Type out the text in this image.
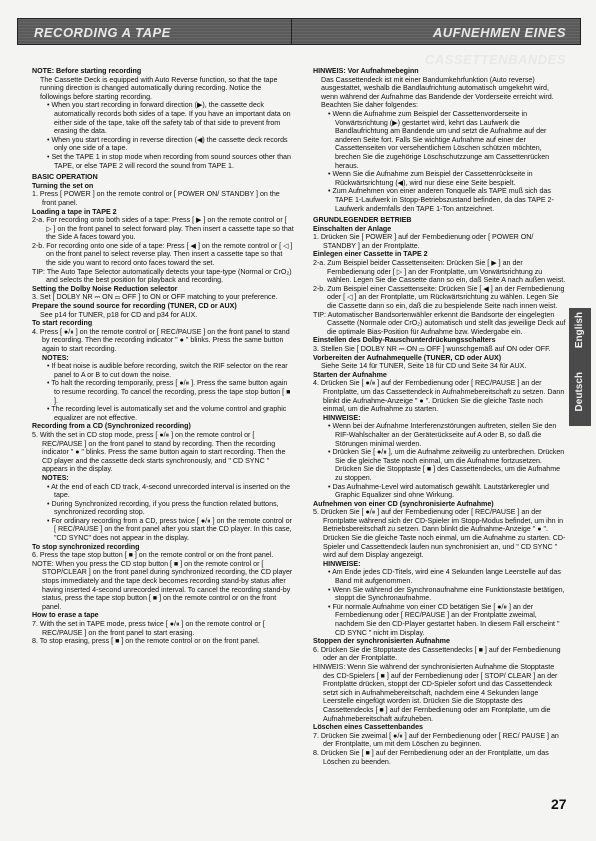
RECORDING A TAPE	AUFNEHMEN EINES CASSETTENBANDES

NOTE: Before starting recording

The Cassette Deck is equipped with Auto Reverse function, so that the tape running direction is changed automatically during recording. Notice the followings before starting recording.

• When you start recording in forward direction (▶), the cassette deck automatically records both sides of a tape. If you have an important data on either side of the tape, take off the safety tab of that side to prevent from erasing the data.

• When you start recording in reverse direction (◀) the cassette deck records only one side of a tape.

• Set the TAPE 1 in stop mode when recording from sound sources other than TAPE, or else TAPE 2 will record the sound from TAPE 1.

BASIC OPERATION

Turning the set on

1. Press [ POWER ] on the remote control or [ POWER ON/ STANDBY ] on the front panel.

Loading a tape in TAPE 2

2-a. For recording onto both sides of a tape: Press [ ▶ ] on the remote control or [ ▷ ] on the front panel to select forward play. Then insert a cassette tape so that the Side A faces toward you.

2-b. For recording onto one side of a tape: Press [ ◀ ] on the remote control or [ ◁ ] on the front panel to select reverse play. Then insert a cassette tape so that the side you want to record onto faces toward the set.

TIP: The Auto Tape Selector automatically detects your tape-type (Normal or CrO₂) and selects the best position for playback and recording.

Setting the Dolby Noise Reduction selector

3. Set [ DOLBY NR ⎓ ON ▭ OFF ] to ON or OFF matching to your preference.

Prepare the sound source for recording (TUNER, CD or AUX)

See p14 for TUNER, p18 for CD and p34 for AUX.

To start recording

4. Press [ ●/⏸ ] on the remote control or [ REC/PAUSE ] on the front panel to stand by recording. Then the recording indicator " ● " blinks. Press the same button again to start recording.

NOTES:

• If beat noise is audible before recording, switch the RIF selector on the rear panel to A or B to cut down the noise.

• To halt the recording temporarily, press [ ●/⏸ ]. Press the same button again to resume recording. To cancel the recording, press the tape stop button [ ■ ].

• The recording level is automatically set and the volume control and graphic equalizer are not effective.

Recording from a CD (Synchronized recording)

5. With the set in CD stop mode, press [ ●/⏸ ] on the remote control or [ REC/PAUSE ] on the front panel to stand by recording. Then the recording indicator " ● " blinks. Press the same button again to start recording. Then the CD player and the cassette deck starts synchronously, and " CD SYNC " appears in the display.

NOTES:

• At the end of each CD track, 4-second unrecorded interval is inserted on the tape.

• During Synchronized recording, if you press the function related buttons, synchronized recording stop.

• For ordinary recording from a CD, press twice [ ●/⏸ ] on the remote control or [ REC/PAUSE ] on the front panel after you start the CD player. In this case, "CD SYNC" does not appear in the display.

To stop synchronized recording

6. Press the tape stop button [ ■ ] on the remote control or on the front panel.

NOTE: When you press the CD stop button [ ■ ] on the remote control or [ STOP/CLEAR ] on the front panel during synchronized recording, the CD player stops immediately and the tape deck becomes recording stand-by status after having inserted 4-second unrecorded interval. To cancel the recording stand-by status, press the tape stop button [ ■ ] on the remote control or on the front panel.

How to erase a tape

7. With the set in TAPE mode, press twice [ ●/⏸ ] on the remote control or [ REC/PAUSE ] on the front panel to start erasing.

8. To stop erasing, press [ ■ ] on the remote control or on the front panel.

HINWEIS: Vor Aufnahmebeginn

Das Cassettendeck ist mit einer Bandumkehrfunktion (Auto reverse) ausgestattet, weshalb die Bandlaufrichtung automatisch umgekehrt wird, wenn während der Aufnahme das Bandende der Vorderseite erreicht wird. Beachten Sie daher folgendes:

• Wenn die Aufnahme zum Beispiel der Cassettenvorderseite in Vorwärtsrichtung (▶) gestartet wird, kehrt das Laufwerk die Bandlaufrichtung am Bandende um und setzt die Aufnahme auf der anderen Seite fort. Falls Sie wichtige Aufnahme auf einer der Cassettenseiten vor versehentlichem Löschen schützen möchten, brechen Sie die zugehörige Löschschutzzunge am Cassettenrücken heraus.

• Wenn Sie die Aufnahme zum Beispiel der Cassettenrückseite in Rückwärtsrichtung (◀), wird nur diese eine Seite bespielt.

• Zum Aufnehmen von einer anderen Tonquelle als TAPE muß sich das TAPE 1-Laufwerk in Stopp-Betriebszustand befinden, da das TAPE 2-Laufwerk andernfalls den TAPE 1-Ton antzeichnet.

GRUNDLEGENDER BETRIEB

Einschalten der Anlage

1. Drücken Sie [ POWER ] auf der Fernbedienung oder [ POWER ON/ STANDBY ] an der Frontplatte.

Einlegen einer Cassette in TAPE 2

2-a. Zum Beispiel beider Cassettenseiten: Drücken Sie [ ▶ ] an der Fernbedienung oder [ ▷ ] an der Frontplatte, um Vorwärtsrichtung zu wählen. Legen Sie die Cassette dann so ein, daß Seite A nach außen weist.

2-b. Zum Beispiel einer Cassettenseite: Drücken Sie [ ◀ ] an der Fernbedienung oder [ ◁ ] an der Frontplatte, um Rückwärtsrichtung zu wählen. Legen Sie die Cassette dann so ein, daß die zu bespielende Seite nach innen weist.

TIP: Automatischer Bandsortenwähler erkennt die Bandsorte der eingelegten Cassette (Normale oder CrO₂) automatisch und stellt das jeweilige Deck auf die optimale Bias-Position für Aufnahme bzw. Wiedergabe ein.

Einstellen des Dolby-Rauschunterdrückungsschalters

3. Stellen Sie [ DOLBY NR ⎓ ON ▭ OFF ] wunschgemäß auf ON oder OFF.

Vorbereiten der Aufnahmequelle (TUNER, CD oder AUX)

Siehe Seite 14 für TUNER, Seite 18 für CD und Seite 34 für AUX.

Starten der Aufnahme

4. Drücken Sie [ ●/⏸ ] auf der Fernbedienung oder [ REC/PAUSE ] an der Frontplatte, um das Cassettendeck in Aufnahmebereitschaft zu setzen. Dann blinkt die Aufnahme-Anzeige " ● ". Drücken Sie die gleiche Taste noch einmal, um die Aufnahme zu starten.

HINWEISE:

• Wenn bei der Aufnahme Interferenzstörungen auftreten, stellen Sie den RIF-Wahlschalter an der Geräterückseite auf A oder B, so daß die Störungen minimal werden.

• Drücken Sie [ ●/⏸ ], um die Aufnahme zeitweilig zu unterbrechen. Drücken Sie die gleiche Taste noch einmal, um die Aufnahme fortzusetzen. Drücken Sie die Stopptaste [ ■ ] des Cassettendecks, um die Aufnahme zu stoppen.

• Das Aufnahme-Level wird automatisch gewählt. Lautstärkeregler und Graphic Equalizer sind ohne Wirkung.

Aufnehmen von einer CD (synchronisierte Aufnahme)

5. Drücken Sie [ ●/⏸ ] auf der Fernbedienung oder [ REC/PAUSE ] an der Frontplatte während sich der CD-Spieler im Stopp-Modus befindet, um ihn in Betriebsbereitschaft zu setzen. Dann blinkt die Aufnahme-Anzeige " ● ". Drücken Sie die gleiche Taste noch einmal, um die Aufnahme zu starten. CD-Spieler und Cassettendeck laufen nun synchronisiert an, und " CD SYNC " wird auf dem Display angezeigt.

HINWEISE:

• Am Ende jedes CD-Titels, wird eine 4 Sekunden lange Leerstelle auf das Band mit aufgenommen.

• Wenn Sie während der Synchronaufnahme eine Funktionstaste betätigen, stoppt die Synchronaufnahme.

• Für normale Aufnahme von einer CD betätigen Sie [ ●/⏸ ] an der Fernbedienung oder [ REC/PAUSE ] an der Frontplatte zweimal, nachdem Sie den CD-Player gestartet haben. In diesem Fall erscheint " CD SYNC " nicht im Display.

Stoppen der synchronisierten Aufnahme

6. Drücken Sie die Stopptaste des Cassettendecks [ ■ ] auf der Fernbedienung oder an der Frontplatte.

HINWEIS: Wenn Sie während der synchronisierten Aufnahme die Stopptaste des CD-Spielers [ ■ ] auf der Fernbedienung oder [ STOP/ CLEAR ] an der Frontplatte drücken, stoppt der CD-Spieler sofort und das Cassettendeck setzt sich in Aufnahmebereitschaft, nachdem eine 4 Sekunden lange Leerstelle eingefügt worden ist. Drücken Sie die Stopptaste des Cassettendecks [ ■ ] auf der Fernbedienung oder am Frontplatte, um die Aufnahmebereitschaft aufzuheben.

Löschen eines Cassettenbandes

7. Drücken Sie zweimal [ ●/⏸ ] auf der Fernbedienung oder [ REC/ PAUSE ] an der Frontplatte, um mit dem Löschen zu beginnen.

8. Drücken Sie [ ■ ] auf der Fernbedienung oder an der Frontplatte, um das Löschen zu beenden.

English
Deutsch
27
